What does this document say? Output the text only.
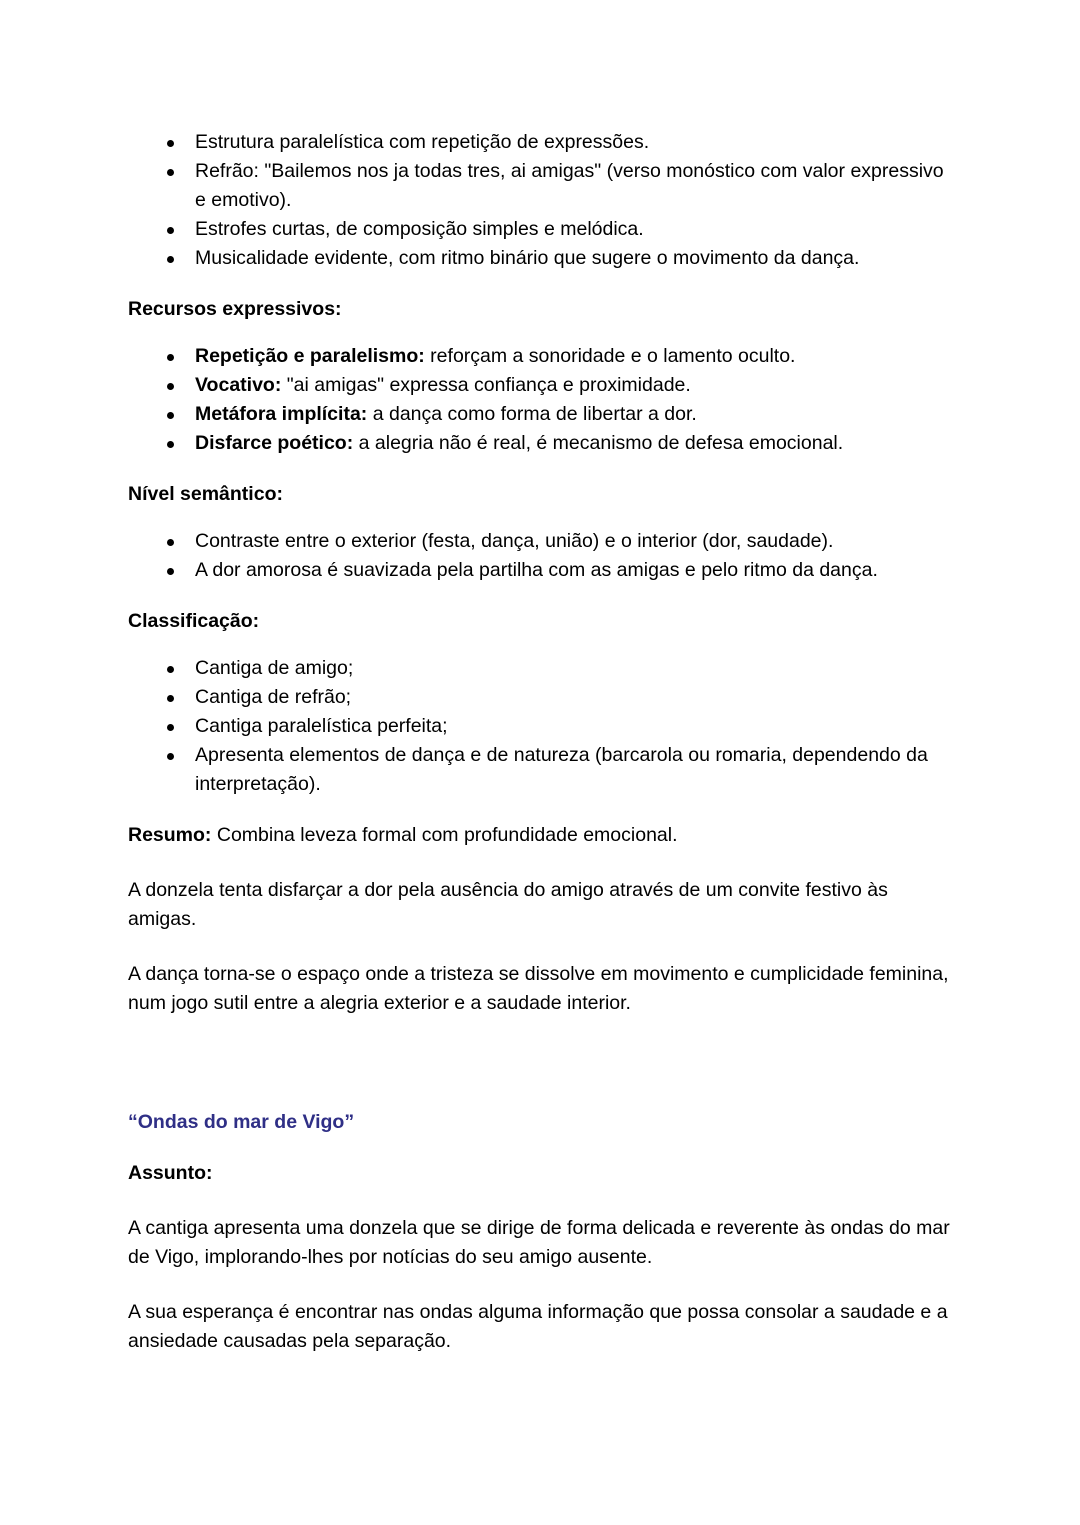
Estrutura paralelística com repetição de expressões.
Refrão: "Bailemos nos ja todas tres, ai amigas" (verso monóstico com valor expressivo e emotivo).
Estrofes curtas, de composição simples e melódica.
Musicalidade evidente, com ritmo binário que sugere o movimento da dança.

Recursos expressivos:

Repetição e paralelismo: reforçam a sonoridade e o lamento oculto.
Vocativo: "ai amigas" expressa confiança e proximidade.
Metáfora implícita: a dança como forma de libertar a dor.
Disfarce poético: a alegria não é real, é mecanismo de defesa emocional.

Nível semântico:

Contraste entre o exterior (festa, dança, união) e o interior (dor, saudade).
A dor amorosa é suavizada pela partilha com as amigas e pelo ritmo da dança.

Classificação:

Cantiga de amigo;
Cantiga de refrão;
Cantiga paralelística perfeita;
Apresenta elementos de dança e de natureza (barcarola ou romaria, dependendo da interpretação).

Resumo: Combina leveza formal com profundidade emocional.

A donzela tenta disfarçar a dor pela ausência do amigo através de um convite festivo às amigas.

A dança torna-se o espaço onde a tristeza se dissolve em movimento e cumplicidade feminina, num jogo sutil entre a alegria exterior e a saudade interior.

“Ondas do mar de Vigo”

Assunto:

A cantiga apresenta uma donzela que se dirige de forma delicada e reverente às ondas do mar de Vigo, implorando-lhes por notícias do seu amigo ausente.

A sua esperança é encontrar nas ondas alguma informação que possa consolar a saudade e a ansiedade causadas pela separação.
